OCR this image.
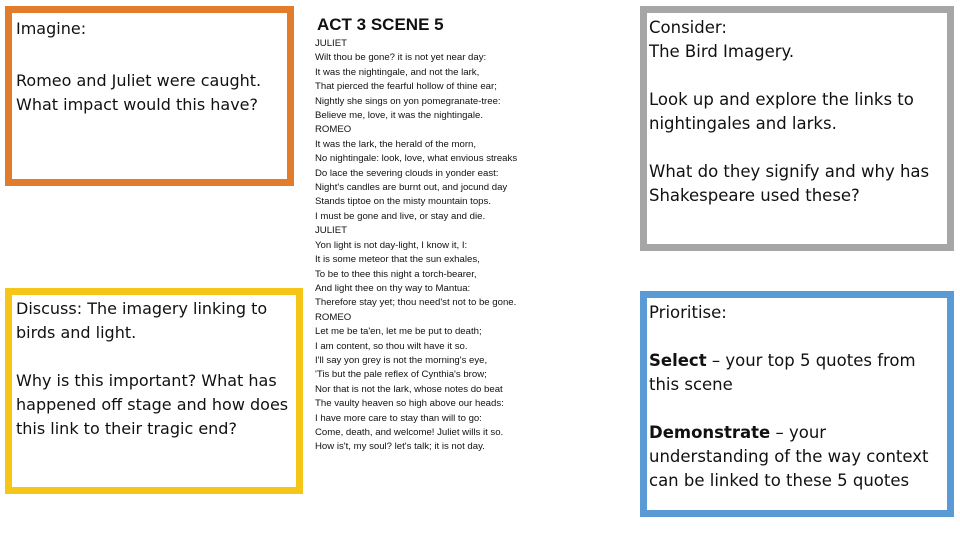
Imagine:

Romeo and Juliet were caught. What impact would this have?

Discuss: The imagery linking to birds and light.

Why is this important? What has happened off stage and how does this link to their tragic end?

ACT 3 SCENE 5
JULIET
Wilt thou be gone? it is not yet near day:
It was the nightingale, and not the lark,
That pierced the fearful hollow of thine ear;
Nightly she sings on yon pomegranate-tree:
Believe me, love, it was the nightingale.
ROMEO
It was the lark, the herald of the morn,
No nightingale: look, love, what envious streaks
Do lace the severing clouds in yonder east:
Night's candles are burnt out, and jocund day
Stands tiptoe on the misty mountain tops.
I must be gone and live, or stay and die.
JULIET
Yon light is not day-light, I know it, I:
It is some meteor that the sun exhales,
To be to thee this night a torch-bearer,
And light thee on thy way to Mantua:
Therefore stay yet; thou need'st not to be gone.
ROMEO
Let me be ta'en, let me be put to death;
I am content, so thou wilt have it so.
I'll say yon grey is not the morning's eye,
'Tis but the pale reflex of Cynthia's brow;
Nor that is not the lark, whose notes do beat
The vaulty heaven so high above our heads:
I have more care to stay than will to go:
Come, death, and welcome! Juliet wills it so.
How is't, my soul? let's talk; it is not day.

Consider:
The Bird Imagery.

Look up and explore the links to nightingales and larks.

What do they signify and why has Shakespeare used these?

Prioritise:

Select – your top 5 quotes from this scene

Demonstrate – your understanding of the way context can be linked to these 5 quotes
